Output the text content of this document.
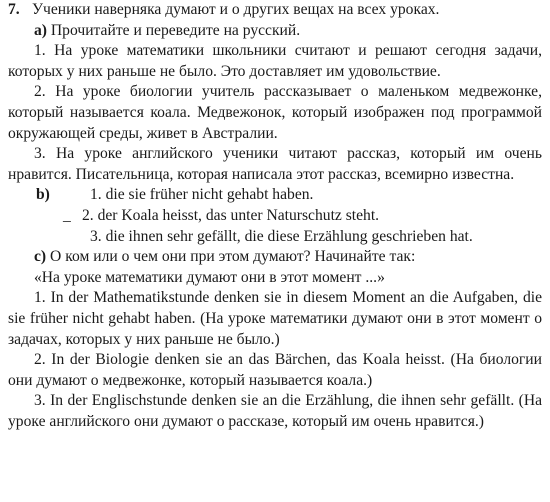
7. Ученики наверняка думают и о других вещах на всех уроках.

а) Прочитайте и переведите на русский.

1. На уроке математики школьники считают и решают сегодня задачи, которых у них раньше не было. Это доставляет им удовольствие.

2. На уроке биологии учитель рассказывает о маленьком медвежонке, который называется коала. Медвежонок, который изображен под программой окружающей среды, живет в Австралии.

3. На уроке английского ученики читают рассказ, который им очень нравится. Писательница, которая написала этот рассказ, всемирно известна.

b)	1. die sie früher nicht gehabt haben.
_ 2. der Koala heisst, das unter Naturschutz steht.
3. die ihnen sehr gefällt, die diese Erzählung geschrieben hat.

с) О ком или о чем они при этом думают? Начинайте так:

«На уроке математики думают они в этот момент ...»

1. In der Mathematikstunde denken sie in diesem Moment an die Aufgaben, die sie früher nicht gehabt haben. (На уроке математики думают они в этот момент о задачах, которых у них раньше не было.)

2. In der Biologie denken sie an das Bärchen, das Koala heisst. (На биологии они думают о медвежонке, который называется коала.)

3. In der Englischstunde denken sie an die Erzählung, die ihnen sehr gefällt. (На уроке английского они думают о рассказе, который им очень нравится.)
